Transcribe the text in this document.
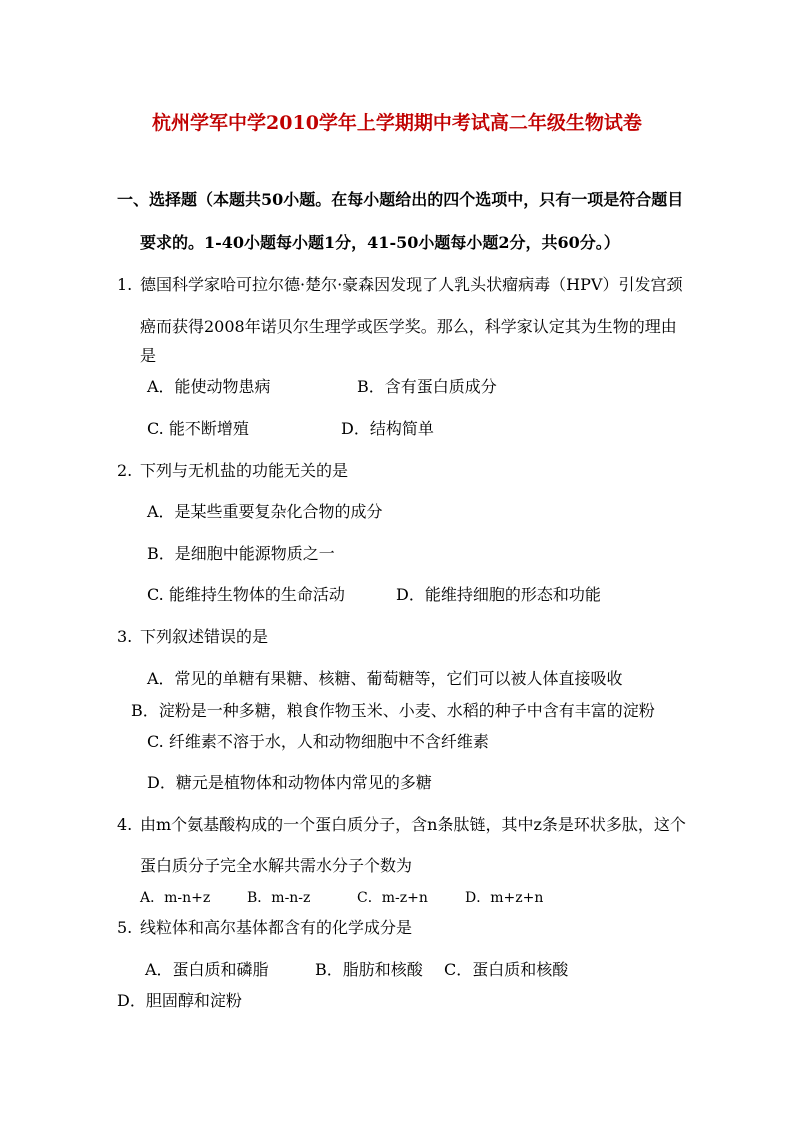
杭州学军中学2010学年上学期期中考试高二年级生物试卷
一、选择题（本题共50小题。在每小题给出的四个选项中，只有一项是符合题目
要求的。1-40小题每小题1分，41-50小题每小题2分，共60分。）
1. 德国科学家哈可拉尔德·楚尔·豪森因发现了人乳头状瘤病毒（HPV）引发宫颈
癌而获得2008年诺贝尔生理学或医学奖。那么，科学家认定其为生物的理由
是
A．能使动物患病	B．含有蛋白质成分
C. 能不断增殖	D．结构简单
2. 下列与无机盐的功能无关的是
A．是某些重要复杂化合物的成分
B．是细胞中能源物质之一
C. 能维持生物体的生命活动	D．能维持细胞的形态和功能
3. 下列叙述错误的是
A．常见的单糖有果糖、核糖、葡萄糖等，它们可以被人体直接吸收
B．淀粉是一种多糖，粮食作物玉米、小麦、水稻的种子中含有丰富的淀粉
C. 纤维素不溶于水，人和动物细胞中不含纤维素
D．糖元是植物体和动物体内常见的多糖
4. 由m个氨基酸构成的一个蛋白质分子，含n条肽链，其中z条是环状多肽，这个
蛋白质分子完全水解共需水分子个数为
A．m-n+z	B．m-n-z	C．m-z+n	D．m+z+n
5. 线粒体和高尔基体都含有的化学成分是
A．蛋白质和磷脂	B．脂肪和核酸 C．蛋白质和核酸
D．胆固醇和淀粉
